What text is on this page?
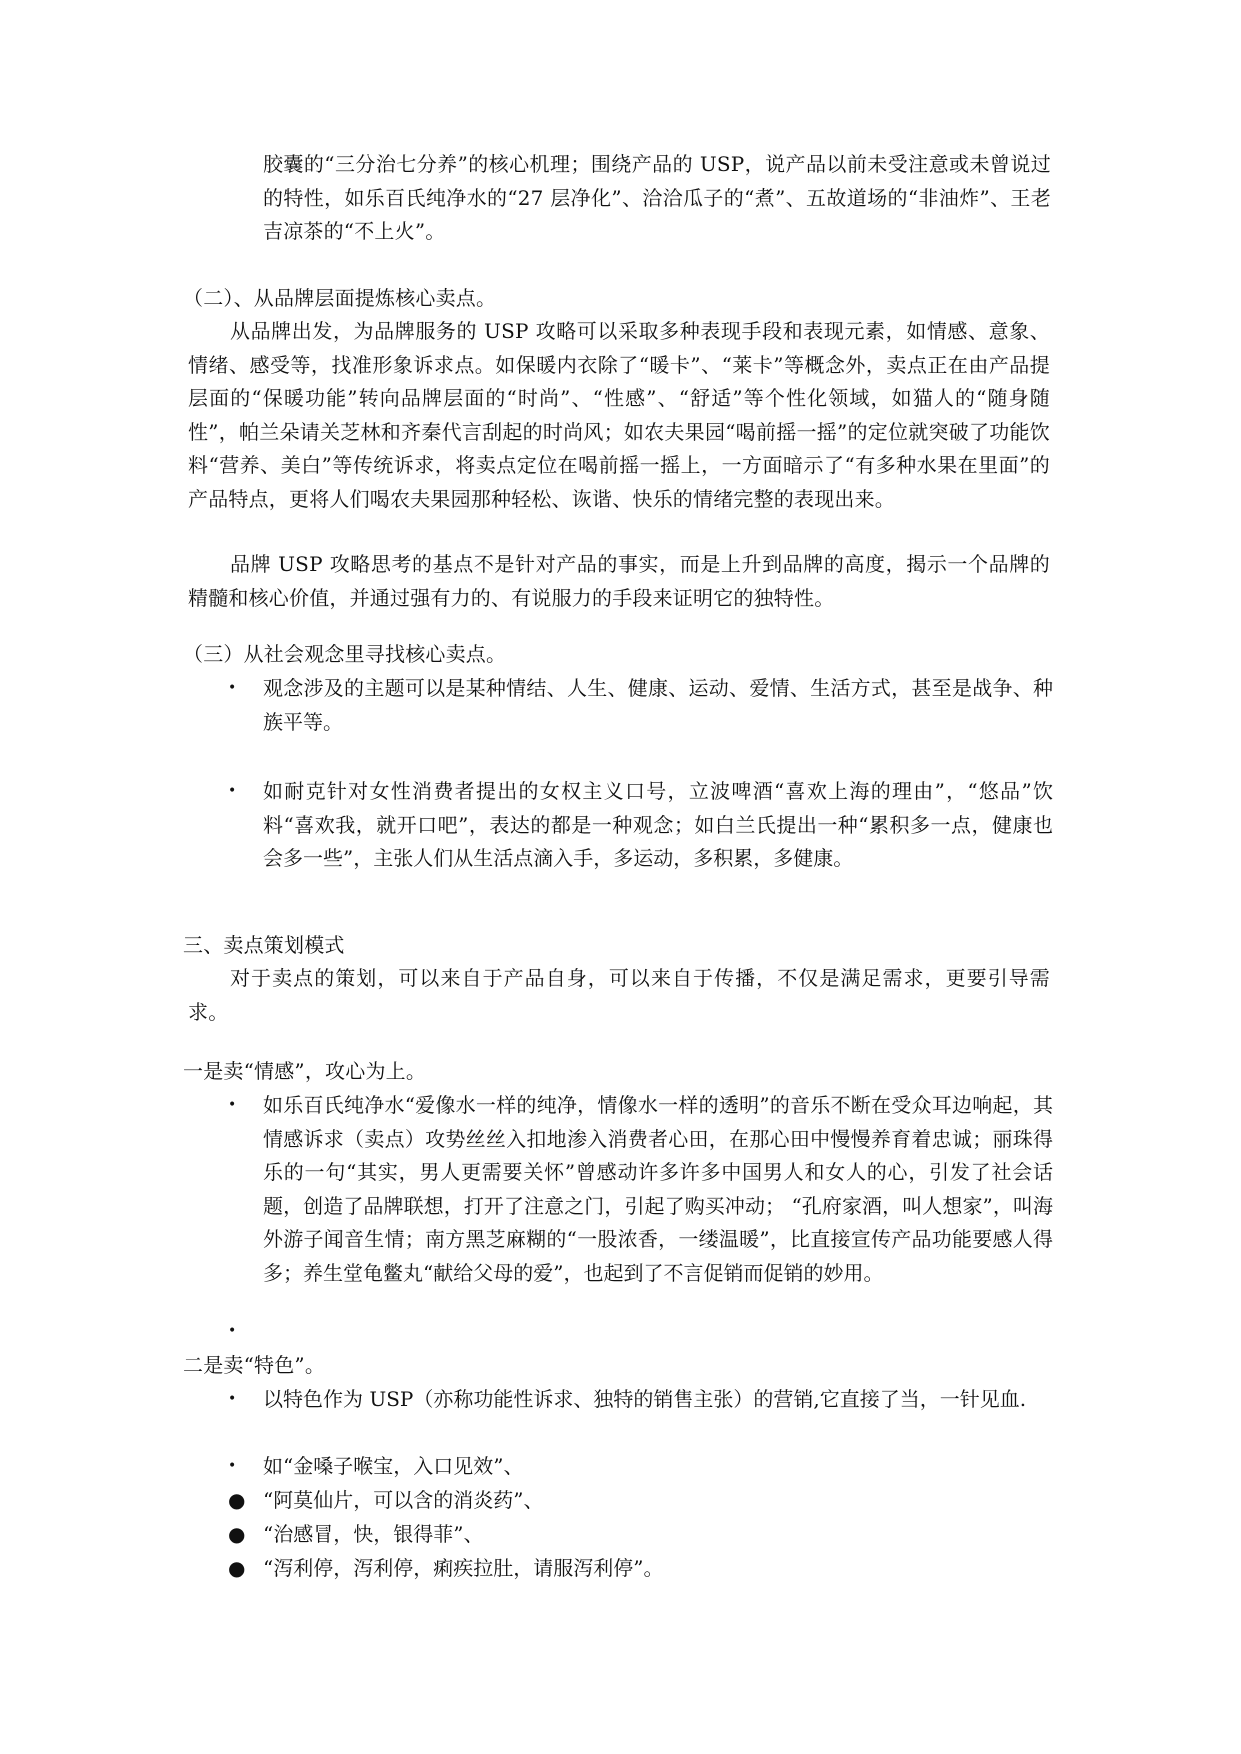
胶囊的“三分治七分养”的核心机理；围绕产品的 USP，说产品以前未受注意或未曾说过的特性，如乐百氏纯净水的“27 层净化”、洽洽瓜子的“煮”、五故道场的“非油炸”、王老吉凉茶的“不上火”。

（二）、从品牌层面提炼核心卖点。

从品牌出发，为品牌服务的 USP 攻略可以采取多种表现手段和表现元素，如情感、意象、情绪、感受等，找准形象诉求点。如保暖内衣除了“暖卡”、“莱卡”等概念外，卖点正在由产品提层面的“保暖功能”转向品牌层面的“时尚”、“性感”、“舒适”等个性化领域，如猫人的“随身随性”，帕兰朵请关芝林和齐秦代言刮起的时尚风；如农夫果园“喝前摇一摇”的定位就突破了功能饮料“营养、美白”等传统诉求，将卖点定位在喝前摇一摇上，一方面暗示了“有多种水果在里面”的产品特点，更将人们喝农夫果园那种轻松、诙谐、快乐的情绪完整的表现出来。

品牌 USP 攻略思考的基点不是针对产品的事实，而是上升到品牌的高度，揭示一个品牌的精髓和核心价值，并通过强有力的、有说服力的手段来证明它的独特性。

（三）从社会观念里寻找核心卖点。

• 观念涉及的主题可以是某种情结、人生、健康、运动、爱情、生活方式，甚至是战争、种族平等。
• 如耐克针对女性消费者提出的女权主义口号，立波啤酒“喜欢上海的理由”，“悠品”饮料“喜欢我，就开口吧”，表达的都是一种观念；如白兰氏提出一种“累积多一点，健康也会多一些”，主张人们从生活点滴入手，多运动，多积累，多健康。

三、卖点策划模式

对于卖点的策划，可以来自于产品自身，可以来自于传播，不仅是满足需求，更要引导需求。

一是卖“情感”，攻心为上。

• 如乐百氏纯净水“爱像水一样的纯净，情像水一样的透明”的音乐不断在受众耳边响起，其情感诉求（卖点）攻势丝丝入扣地渗入消费者心田，在那心田中慢慢养育着忠诚；丽珠得乐的一句“其实，男人更需要关怀”曾感动许多许多中国男人和女人的心，引发了社会话题，创造了品牌联想，打开了注意之门，引起了购买冲动； “孔府家酒，叫人想家”，叫海外游子闻音生情；南方黑芝麻糊的“一股浓香，一缕温暖”，比直接宣传产品功能要感人得多；养生堂龟鳖丸“献给父母的爱”，也起到了不言促销而促销的妙用。
•

二是卖“特色”。

• 以特色作为 USP（亦称功能性诉求、独特的销售主张）的营销,它直接了当，一针见血.
• 如“金嗓子喉宝，入口见效”、
● “阿莫仙片，可以含的消炎药”、
● “治感冒，快，银得菲”、
● “泻利停，泻利停，痢疾拉肚，请服泻利停”。
